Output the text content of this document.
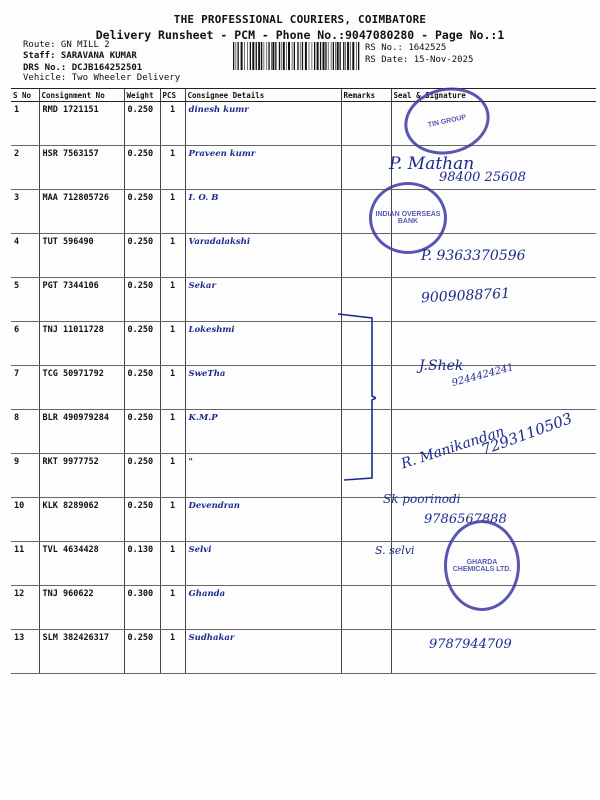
THE PROFESSIONAL COURIERS, COIMBATORE
Delivery Runsheet - PCM - Phone No.:9047080280 - Page No.:1
Route: GN MILL 2
Staff: SARAVANA KUMAR
DRS No.: DCJB164252501
Vehicle: Two Wheeler Delivery
RS No.: 1642525
RS Date: 15-Nov-2025
S No	Consignment No	Weight	PCS	Consignee Details	Remarks	Seal & Signature
1	RMD 1721151	0.250	1	dinesh kumr		
2	HSR 7563157	0.250	1	Praveen kumr		
3	MAA 712805726	0.250	1	I. O. B		
4	TUT 596490	0.250	1	Varadalakshi		
5	PGT 7344106	0.250	1	Sekar		
6	TNJ 11011728	0.250	1	Lokeshmi		
7	TCG 50971792	0.250	1	SweTha		
8	BLR 490979284	0.250	1	K.M.P		
9	RKT 9977752	0.250	1	"		
10	KLK 8289062	0.250	1	Devendran		
11	TVL 4634428	0.130	1	Selvi		
12	TNJ 960622	0.300	1	Ghanda		
13	SLM 382426317	0.250	1	Sudhakar		
TIN GROUP
P. Mathan
98400 25608
INDIAN OVERSEAS BANK
P. 9363370596
9009088761
J.Shek
9244424241
R. Manikandan
7293110503
Sk poorinodi
9786567888
S. selvi
GHARDA CHEMICALS LTD.
9787944709
